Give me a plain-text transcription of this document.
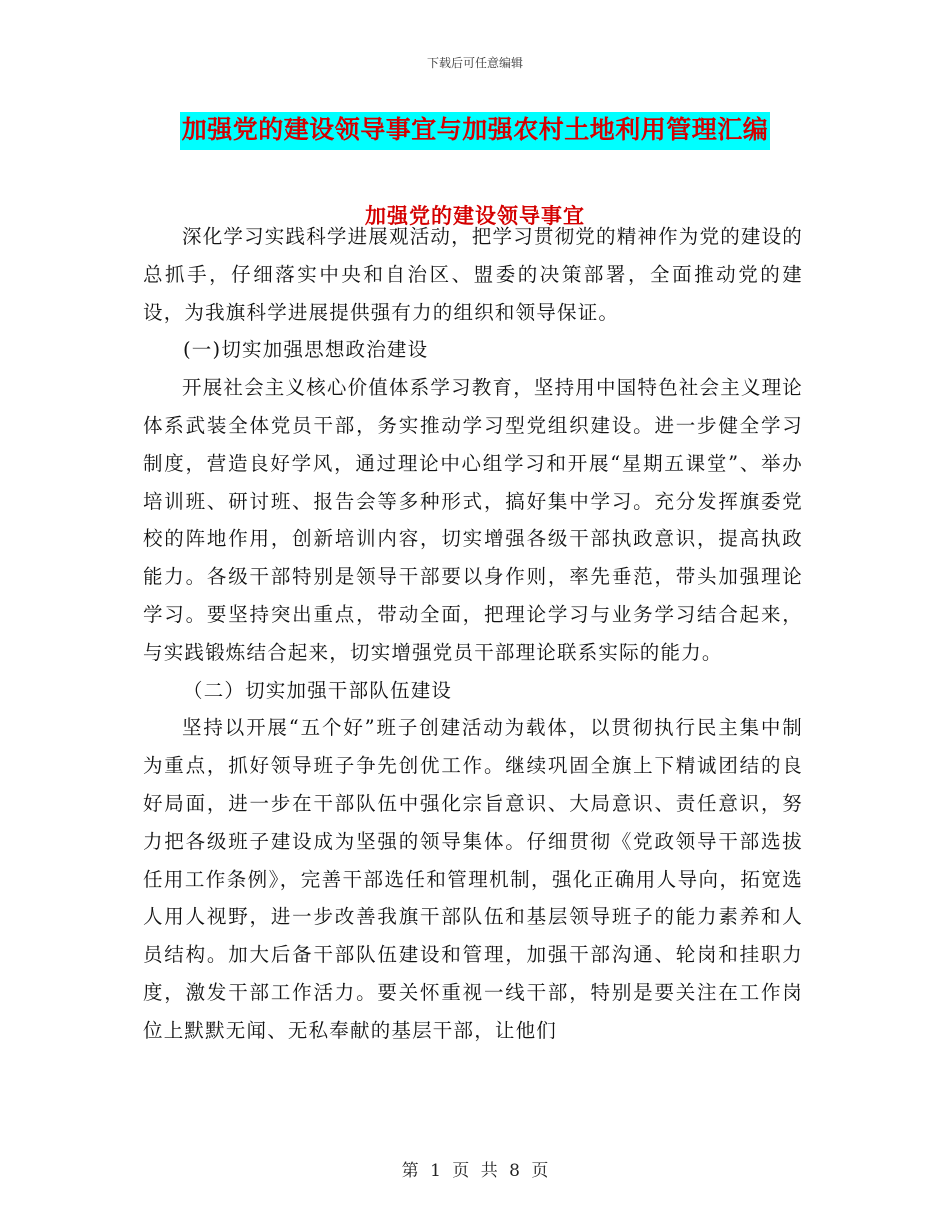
下载后可任意编辑
加强党的建设领导事宜与加强农村土地利用管理汇编
加强党的建设领导事宜

深化学习实践科学进展观活动，把学习贯彻党的精神作为党的建设的总抓手，仔细落实中央和自治区、盟委的决策部署，全面推动党的建设，为我旗科学进展提供强有力的组织和领导保证。

(一)切实加强思想政治建设

开展社会主义核心价值体系学习教育，坚持用中国特色社会主义理论体系武装全体党员干部，务实推动学习型党组织建设。进一步健全学习制度，营造良好学风，通过理论中心组学习和开展“星期五课堂”、举办培训班、研讨班、报告会等多种形式，搞好集中学习。充分发挥旗委党校的阵地作用，创新培训内容，切实增强各级干部执政意识，提高执政能力。各级干部特别是领导干部要以身作则，率先垂范，带头加强理论学习。要坚持突出重点，带动全面，把理论学习与业务学习结合起来，与实践锻炼结合起来，切实增强党员干部理论联系实际的能力。

（二）切实加强干部队伍建设

坚持以开展“五个好”班子创建活动为载体，以贯彻执行民主集中制为重点，抓好领导班子争先创优工作。继续巩固全旗上下精诚团结的良好局面，进一步在干部队伍中强化宗旨意识、大局意识、责任意识，努力把各级班子建设成为坚强的领导集体。仔细贯彻《党政领导干部选拔任用工作条例》，完善干部选任和管理机制，强化正确用人导向，拓宽选人用人视野，进一步改善我旗干部队伍和基层领导班子的能力素养和人员结构。加大后备干部队伍建设和管理，加强干部沟通、轮岗和挂职力度，激发干部工作活力。要关怀重视一线干部，特别是要关注在工作岗位上默默无闻、无私奉献的基层干部，让他们

第 1 页 共 8 页
